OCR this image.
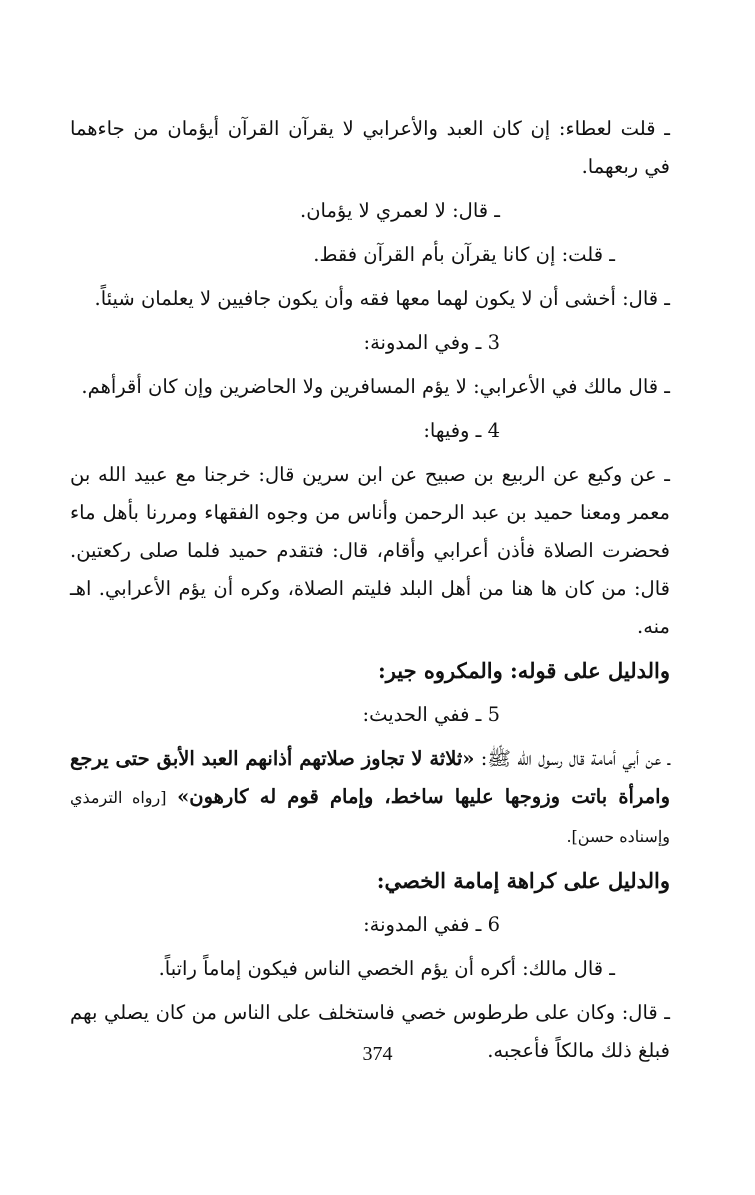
ـ قلت لعطاء: إن كان العبد والأعرابي لا يقرآن القرآن أيؤمان من جاءهما في ربعهما.

ـ قال: لا لعمري لا يؤمان.

ـ قلت: إن كانا يقرآن بأم القرآن فقط.

ـ قال: أخشى أن لا يكون لهما معها فقه وأن يكون جافيين لا يعلمان شيئاً.

3 ـ وفي المدونة:

ـ قال مالك في الأعرابي: لا يؤم المسافرين ولا الحاضرين وإن كان أقرأهم.

4 ـ وفيها:

ـ عن وكيع عن الربيع بن صبيح عن ابن سرين قال: خرجنا مع عبيد الله بن معمر ومعنا حميد بن عبد الرحمن وأناس من وجوه الفقهاء ومررنا بأهل ماء فحضرت الصلاة فأذن أعرابي وأقام، قال: فتقدم حميد فلما صلى ركعتين. قال: من كان ها هنا من أهل البلد فليتم الصلاة، وكره أن يؤم الأعرابي. اهـ منه.

والدليل على قوله: والمكروه جير:

5 ـ ففي الحديث:

ـ عن أبي أمامة قال رسول الله ﷺ: «ثلاثة لا تجاوز صلاتهم أذانهم العبد الأبق حتى يرجع وامرأة باتت وزوجها عليها ساخط، وإمام قوم له كارهون» [رواه الترمذي وإسناده حسن].

والدليل على كراهة إمامة الخصي:

6 ـ ففي المدونة:

ـ قال مالك: أكره أن يؤم الخصي الناس فيكون إماماً راتباً.

ـ قال: وكان على طرطوس خصي فاستخلف على الناس من كان يصلي بهم فبلغ ذلك مالكاً فأعجبه.

374
